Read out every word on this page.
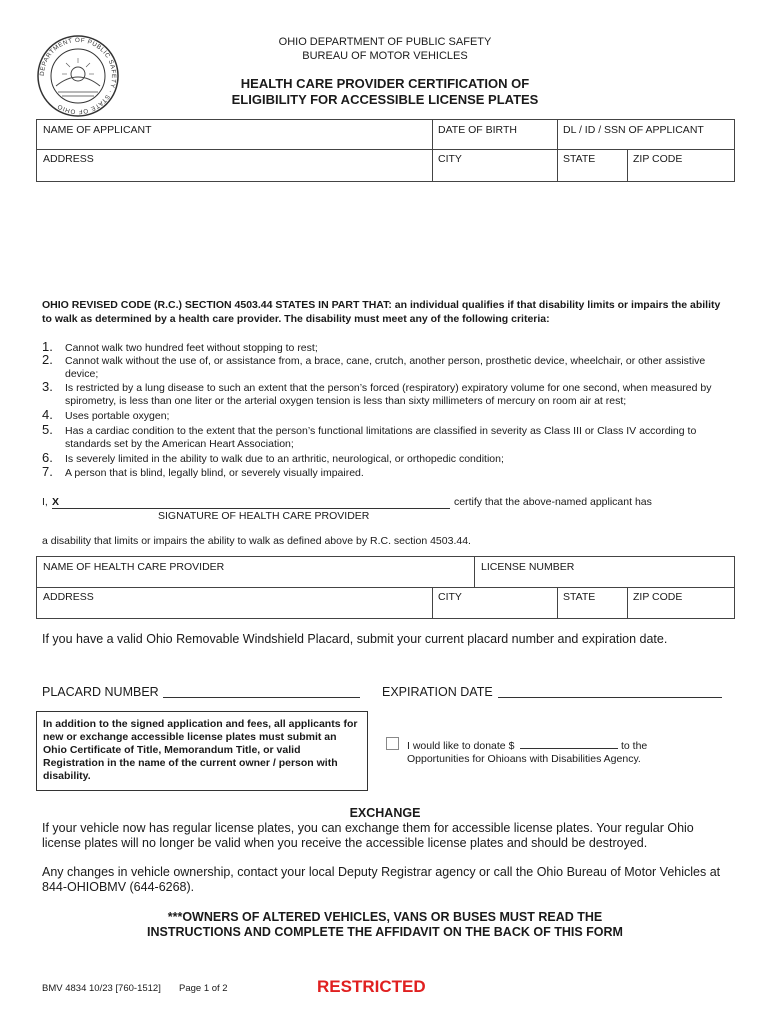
DEPARTMENT OF PUBLIC SAFETY · STATE OF OHIO
OHIO DEPARTMENT OF PUBLIC SAFETY
BUREAU OF MOTOR VEHICLES
HEALTH CARE PROVIDER CERTIFICATION OF
ELIGIBILITY FOR ACCESSIBLE LICENSE PLATES
NAME OF APPLICANT	DATE OF BIRTH	DL / ID / SSN OF APPLICANT
ADDRESS	CITY	STATE	ZIP CODE
OHIO REVISED CODE (R.C.) SECTION 4503.44 STATES IN PART THAT: an individual qualifies if that disability limits or impairs the ability to walk as determined by a health care provider. The disability must meet any of the following criteria:
1. Cannot walk two hundred feet without stopping to rest;
2. Cannot walk without the use of, or assistance from, a brace, cane, crutch, another person, prosthetic device, wheelchair, or other assistive device;
3. Is restricted by a lung disease to such an extent that the person’s forced (respiratory) expiratory volume for one second, when measured by spirometry, is less than one liter or the arterial oxygen tension is less than sixty millimeters of mercury on room air at rest;
4. Uses portable oxygen;
5. Has a cardiac condition to the extent that the person’s functional limitations are classified in severity as Class III or Class IV according to standards set by the American Heart Association;
6. Is severely limited in the ability to walk due to an arthritic, neurological, or orthopedic condition;
7. A person that is blind, legally blind, or severely visually impaired.
I, X	certify that the above-named applicant has
SIGNATURE OF HEALTH CARE PROVIDER
a disability that limits or impairs the ability to walk as defined above by R.C. section 4503.44.
NAME OF HEALTH CARE PROVIDER	LICENSE NUMBER
ADDRESS	CITY	STATE	ZIP CODE
If you have a valid Ohio Removable Windshield Placard, submit your current placard number and expiration date.
PLACARD NUMBER	EXPIRATION DATE
In addition to the signed application and fees, all applicants for new or exchange accessible license plates must submit an Ohio Certificate of Title, Memorandum Title, or valid Registration in the name of the current owner / person with disability.
I would like to donate $	to the
Opportunities for Ohioans with Disabilities Agency.
EXCHANGE
If your vehicle now has regular license plates, you can exchange them for accessible license plates. Your regular Ohio license plates will no longer be valid when you receive the accessible license plates and should be destroyed.
Any changes in vehicle ownership, contact your local Deputy Registrar agency or call the Ohio Bureau of Motor Vehicles at 844-OHIOBMV (644-6268).
***OWNERS OF ALTERED VEHICLES, VANS OR BUSES MUST READ THE
INSTRUCTIONS AND COMPLETE THE AFFIDAVIT ON THE BACK OF THIS FORM
BMV 4834 10/23 [760-1512] Page 1 of 2	RESTRICTED
